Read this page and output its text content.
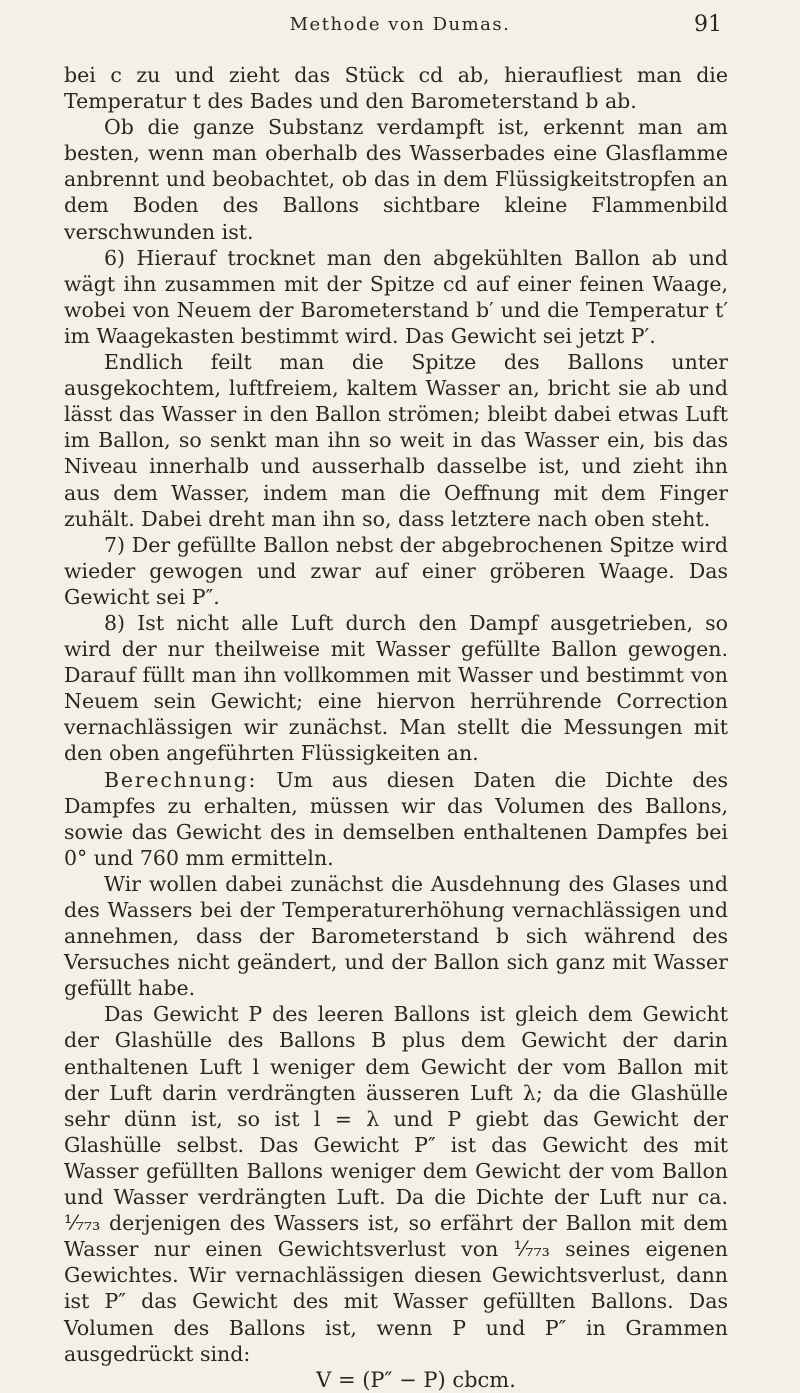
Methode von Dumas.	91

bei c zu und zieht das Stück cd ab, hieraufliest man die Temperatur t des Bades und den Barometerstand b ab.

Ob die ganze Substanz verdampft ist, erkennt man am besten, wenn man oberhalb des Wasserbades eine Glasflamme anbrennt und beobachtet, ob das in dem Flüssigkeitstropfen an dem Boden des Ballons sichtbare kleine Flammenbild verschwunden ist.

6) Hierauf trocknet man den abgekühlten Ballon ab und wägt ihn zusammen mit der Spitze cd auf einer feinen Waage, wobei von Neuem der Barometerstand b′ und die Temperatur t′ im Waagekasten bestimmt wird. Das Gewicht sei jetzt P′.

Endlich feilt man die Spitze des Ballons unter ausgekochtem, luftfreiem, kaltem Wasser an, bricht sie ab und lässt das Wasser in den Ballon strömen; bleibt dabei etwas Luft im Ballon, so senkt man ihn so weit in das Wasser ein, bis das Niveau innerhalb und ausserhalb dasselbe ist, und zieht ihn aus dem Wasser, indem man die Oeffnung mit dem Finger zuhält. Dabei dreht man ihn so, dass letztere nach oben steht.

7) Der gefüllte Ballon nebst der abgebrochenen Spitze wird wieder gewogen und zwar auf einer gröberen Waage. Das Gewicht sei P″.

8) Ist nicht alle Luft durch den Dampf ausgetrieben, so wird der nur theilweise mit Wasser gefüllte Ballon gewogen. Darauf füllt man ihn vollkommen mit Wasser und bestimmt von Neuem sein Gewicht; eine hiervon herrührende Correction vernachlässigen wir zunächst. Man stellt die Messungen mit den oben angeführten Flüssigkeiten an.

Berechnung: Um aus diesen Daten die Dichte des Dampfes zu erhalten, müssen wir das Volumen des Ballons, sowie das Gewicht des in demselben enthaltenen Dampfes bei 0° und 760 mm ermitteln.

Wir wollen dabei zunächst die Ausdehnung des Glases und des Wassers bei der Temperaturerhöhung vernachlässigen und annehmen, dass der Barometerstand b sich während des Versuches nicht geändert, und der Ballon sich ganz mit Wasser gefüllt habe.

Das Gewicht P des leeren Ballons ist gleich dem Gewicht der Glashülle des Ballons B plus dem Gewicht der darin enthaltenen Luft l weniger dem Gewicht der vom Ballon mit der Luft darin verdrängten äusseren Luft λ; da die Glashülle sehr dünn ist, so ist l = λ und P giebt das Gewicht der Glashülle selbst. Das Gewicht P″ ist das Gewicht des mit Wasser gefüllten Ballons weniger dem Gewicht der vom Ballon und Wasser verdrängten Luft. Da die Dichte der Luft nur ca. ¹⁄₇₇₃ derjenigen des Wassers ist, so erfährt der Ballon mit dem Wasser nur einen Gewichtsverlust von ¹⁄₇₇₃ seines eigenen Gewichtes. Wir vernachlässigen diesen Gewichtsverlust, dann ist P″ das Gewicht des mit Wasser gefüllten Ballons. Das Volumen des Ballons ist, wenn P und P″ in Grammen ausgedrückt sind:

V = (P″ − P) cbcm.
